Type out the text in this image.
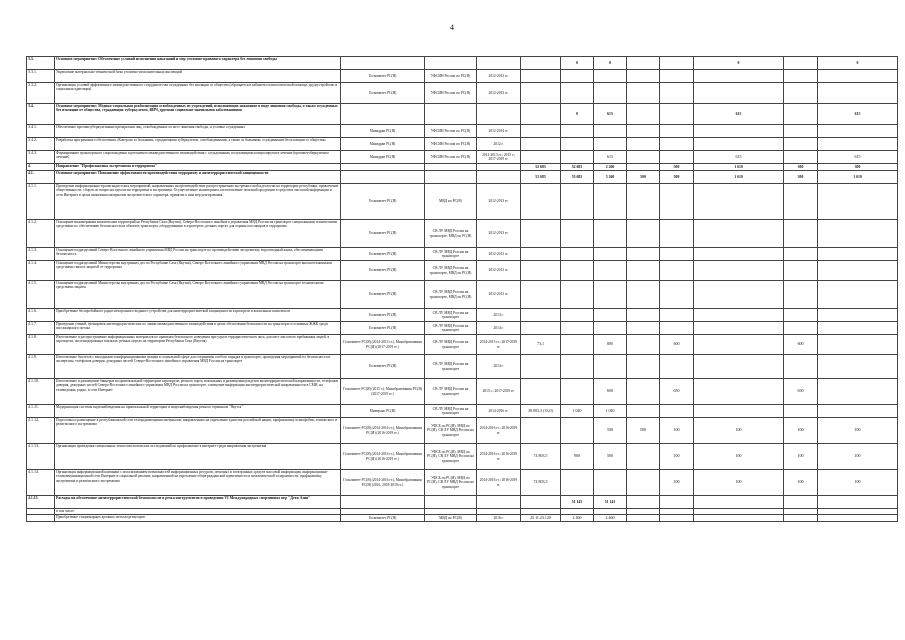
4
3.3.	Основное мероприятие: Обеспечение условий исполнения наказаний и мер уголовно-правового характера без лишения свободы					0	0			0		0
3.3.1.	Укрепление материально-технической базы уголовно-исполнительных инспекций	Госкомитет РС(Я)	УФСИН России по РС(Я)	2012-2013 гг.								
3.3.2.	Организация условий эффективного межведомственного сотрудничества осужденных без изоляции от общества (обращается в кабинеты психологической помощи, трудоустройство и социальная адаптация)	Госкомитет РС(Я)	УФСИН России по РС(Я)	2012-2013 гг.								
3.4.	Основное мероприятие: Медико-социальная реабилитация освобожденных из учреждений, исполняющих наказание в виде лишения свободы, а также осужденных без изоляции от общества, страдающих туберкулезом, ВИЧ, другими социально-значимыми заболеваниями					0	615			615		615
3.4.1.	Обеспечение противотуберкулезными препаратами лиц, освобожденных из мест лишения свободы, и условно осужденных	Минздрав РС(Я)	УФСИН России по РС(Я)	2012-2014 гг.								
3.4.2.	Разработка программного обеспечения «Контроль за больными, страдающими туберкулезом, освобожденными, а также за больными, осужденными без изоляции от общества»	Минздрав РС(Я)	УФСИН России по РС(Я)	2012 г.								
3.4.3.	Формирование транспортного сопровождения и регламента межведомственного взаимодействия с осужденными, получающими контролируемое лечение (противотуберкулезное лечение)	Минздрав РС(Я)	УФСИН России по РС(Я)	2012-2013 гг.; 2015 г.; 2017-2019 гг.			615			615		615
4.	Направление "Профилактика экстремизма и терроризма"				52 683	52 683	2 260		500	1 610	300	300
4.1.	Основное мероприятие: Повышение эффективности противодействия терроризму и антитеррористической защищенности				53 683	53 683	3 260	500	500	1 610	300	1 610
4.1.1.	Проведение информационно-пропагандистских мероприятий, направленных на противодействие распространению экстремистской идеологии на территории республики, привлечение общественности, сборов по вопросам идеологии терроризма и экстремизма. Осуществление мониторинга и изготовление печатной продукции в средствах массовой информации и сети Интернет в целях выявления материалов экстремистского характера, принятие к ним мер реагирования	Госкомитет РС(Я)	МВД по РС(Я)	2012-2013 гг.								
4.1.2.	Оснащение инженерными комплексами территорий на Республике Саха (Якутия), Северо-Восточного линейного управления МВД России на транспорте специальными техническими средствами по обеспечению безопасности на объектах транспорта, оборудованные в аэропортах, речных портах для охраны пассажиров и терроризма	Госкомитет РС(Я)	СВ ЛУ МВД России на транспорте, МВД по РС(Я)	2012-2013 гг.								
4.1.3.	Оснащение подразделений Северо-Восточного линейного управления МВД России на транспорте по противодействию экстремизму, водоотводный канал, обеспечивающими безопасность	Госкомитет РС(Я)	СВ ЛУ МВД России на транспорте	2012-2013 гг.								
4.1.4.	Оснащение подразделений Министерства внутренних дел по Республике Саха (Якутия), Северо-Восточного линейного управления МВД России на транспорте высокотехничными средствами связи и защитой от терроризма	Госкомитет РС(Я)	СВ ЛУ МВД России на транспорте, МВД по РС(Я)	2012-2013 гг.								
4.1.5.	Оснащение подразделений Министерства внутренних дел по Республике Саха (Якутия), Северо-Восточного линейного управления МВД России на транспорте техническими средствами защиты	Госкомитет РС(Я)	СВ ЛУ МВД России на транспорте, МВД по РС(Я)	2012-2013 гг.								
4.1.6.	Приобретение бесперебойного радиоэлектронного водяного устройства для антитеррористической защищенности аэропортов и вокзальных комплексов	Госкомитет РС(Я)	СВ ЛУ МВД России на транспорте	2013 г.								
4.1.7.	Проведение учений, тренировок антитеррористических по линии межведомственного взаимодействия в целях обеспечения безопасности на транспорте и основных ЖЖК среди пассажирского потока	Госкомитет РС(Я)	СВ ЛУ МВД России на транспорте	2014 г.								
4.1.8.	Изготовление и распространение информационных материалов по правилам безопасного поведения при угрозе террористического акта, для мест массового пребывания людей, в аэропортах, железнодорожных вокзалах, речных портах на территории Республики Саха (Якутия)	Госкомитет РС(Я) (2014-2015 гг.), Минобразования РС(Я) (2017-2019 гг.)	СВ ЛУ МВД России на транспорте	2014-2015 гг.; 2017-2019 гг.	73,1		800		600		600	
4.1.9.	Изготовление буклетов с выходными и информационными целями в социальной сфере для сохранения особого порядка в транспорте, проведения мероприятий по безопасности и экспертизы, телефонов доверия, дежурных частей Северо-Восточного линейного управления МВД России на транспорте	Госкомитет РС(Я)	СВ ЛУ МВД России на транспорте	2014 г.								
4.1.10.	Изготовление и размещение баннеров на привокзальной территории аэропортов, речного порта, вокзальных и размещении разделов антитеррористической направленности, телефонов доверия, дежурных частей Северо-Восточного линейного управления МВД России на транспорте, освещение информации антитеррористической направленности в СМИ, на телевидении, радио, в сети Интернет	Госкомитет РС(Я) (2015 г.), Минобразования РС(Я) (2017-2019 гг.)	СВ ЛУ МВД России на транспорте	2015 г.; 2017-2019 гг.			600		650		650	
4.1.11.	Модернизация системы видеонаблюдения на привокзальной территории и видеонаблюдения речного терминала "Якутск"	Минтранс РС(Я)	СВ ЛУ МВД России на транспорте	2014-2016 гг.	38 003,3 (33,0)	1 040	1 040					
4.1.12.	Подготовка и размещение в республиканской сети телерадиовещания материалов, направленных на укрепление единства российской нации, профилактику ксенофобии, этнического и религиозного экстремизма	Госкомитет РС(Я) (2014-2016 гг.), Минобразования РС(Я) (2016-2019 гг.)	УФСБ по РС(Я), МВД по РС(Я), СВ ЛУ МВД России на транспорте	2014-2016 гг.; 2016-2019 гг.			500	500	100	100	100	100
4.1.13.	Организация проведения специальных этнопсихологических исследований по профилактике в интернет-среди направления экстремизма	Госкомитет РС(Я) (2014-2016 гг.), Минобразования РС(Я) (2016-2019 гг.)	УФСБ по РС(Я), МВД по РС(Я), СВ ЛУ МВД России на транспорте	2014-2016 гг.; 2016-2019 гг.	74 803,5	900	500		100	100	100	100
4.1.14.	Организация информационной компании с использованием возможностей информационных ресурсов, печатных и электронных средств массовой информации, информационно-телекоммуникационной сети Интернет в социальной рекламе, направленной на укрепление общегражданской идентичности и межэтнической толерантности, профилактику экстремизма и религиозного экстремизма	Госкомитет РС(Я) (2014-2016 гг.), Минобразования РС(Я) (2016, 2018-2019 гг.)	УФСБ по РС(Я), МВД по РС(Я), СВ ЛУ МВД России на транспорте	2014-2016 гг.; 2016-2019 гг.	74 803,5				100	100	100	100
4.1.15.	Расходы на обеспечение антитеррористической безопасности и резка инструментов в проведении VI Международных спортивных игр "Дети Азии"					51 143	51 143					
	в том числе:											
	Приобретение стационарных арочных металлодетекторов	Госкомитет РС(Я)	МВД по РС(Я)	2016 г.	25.11.23.120	2 460	2 460					
